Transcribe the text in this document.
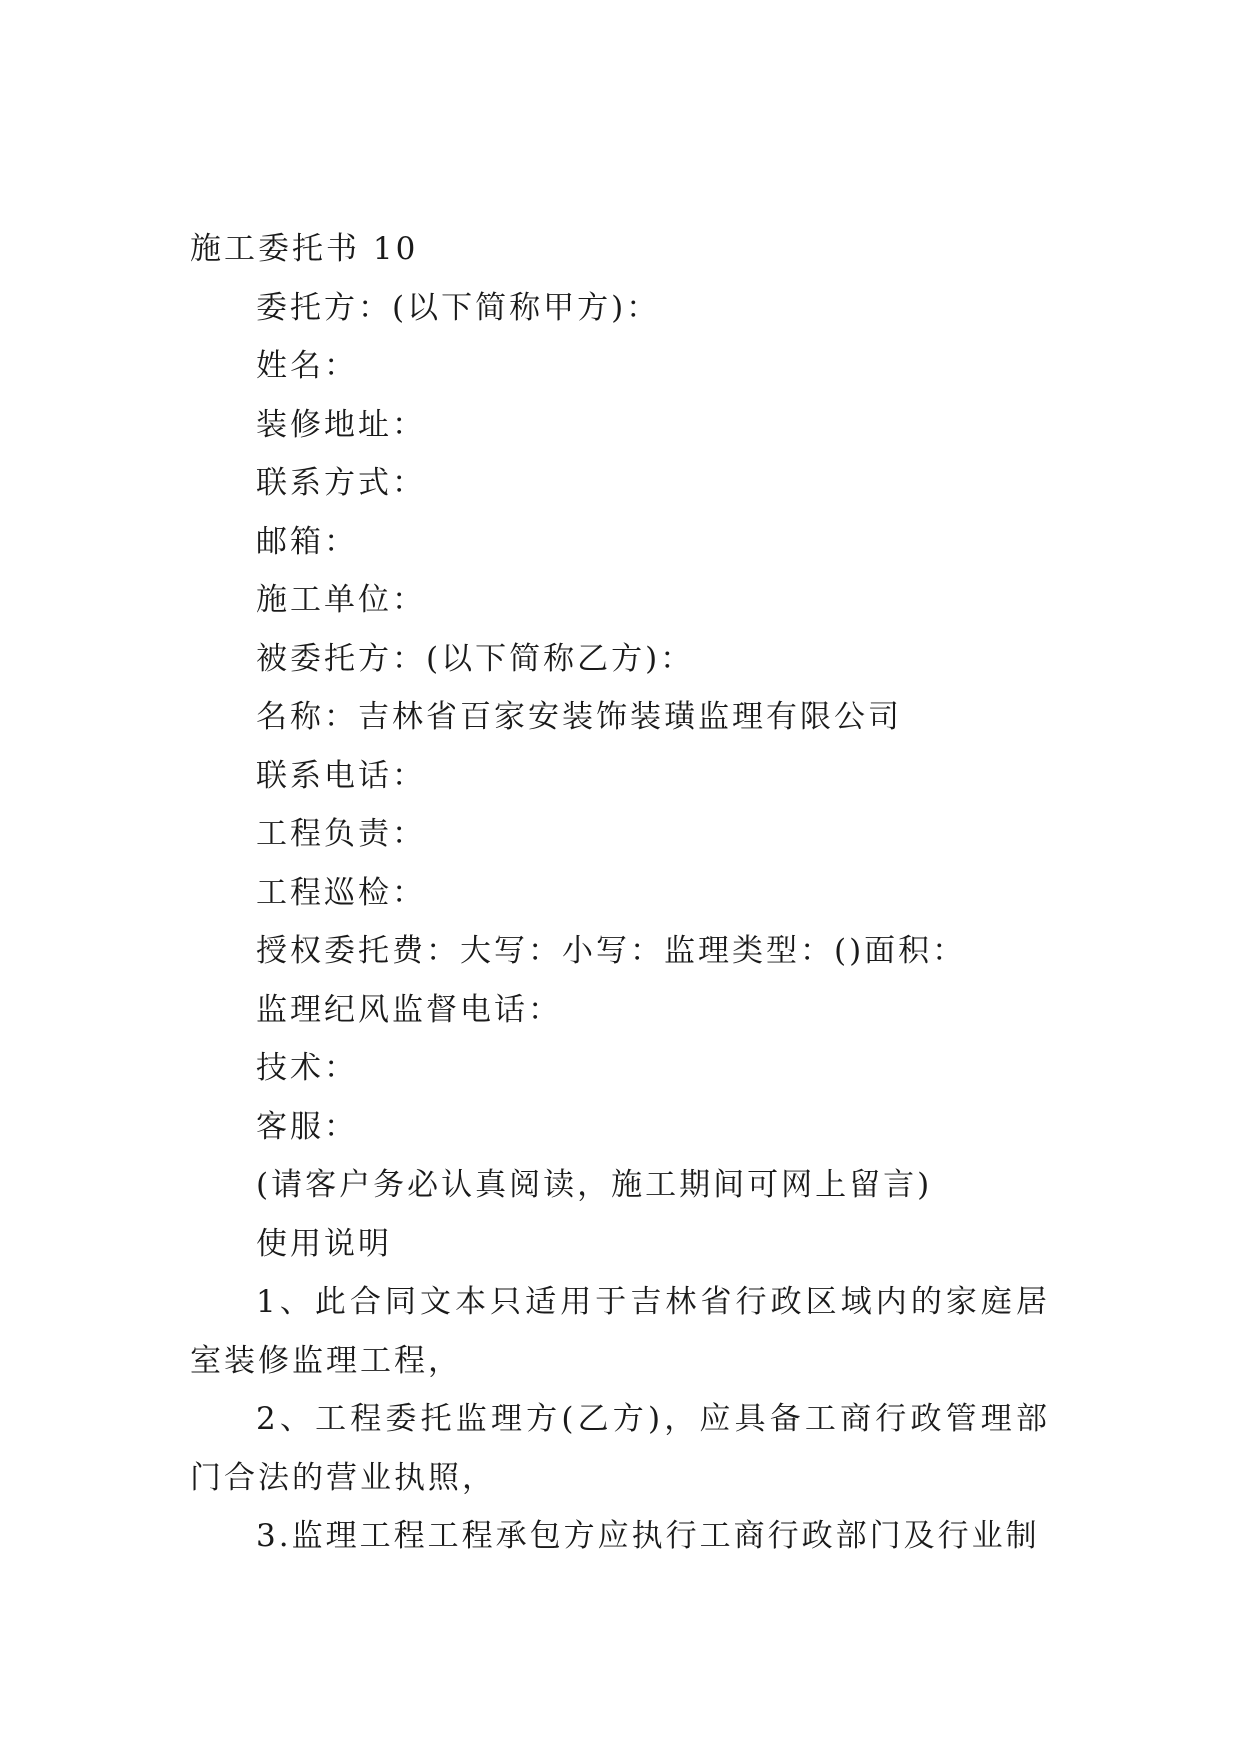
施工委托书 10
委托方：(以下简称甲方)：
姓名：
装修地址：
联系方式：
邮箱：
施工单位：
被委托方：(以下简称乙方)：
名称：吉林省百家安装饰装璜监理有限公司
联系电话：
工程负责：
工程巡检：
授权委托费：大写：小写：监理类型：()面积：
监理纪风监督电话：
技术：
客服：
(请客户务必认真阅读，施工期间可网上留言)
使用说明
1、此合同文本只适用于吉林省行政区域内的家庭居室装修监理工程，
2、工程委托监理方(乙方)，应具备工商行政管理部门合法的营业执照，
3.监理工程工程承包方应执行工商行政部门及行业制
